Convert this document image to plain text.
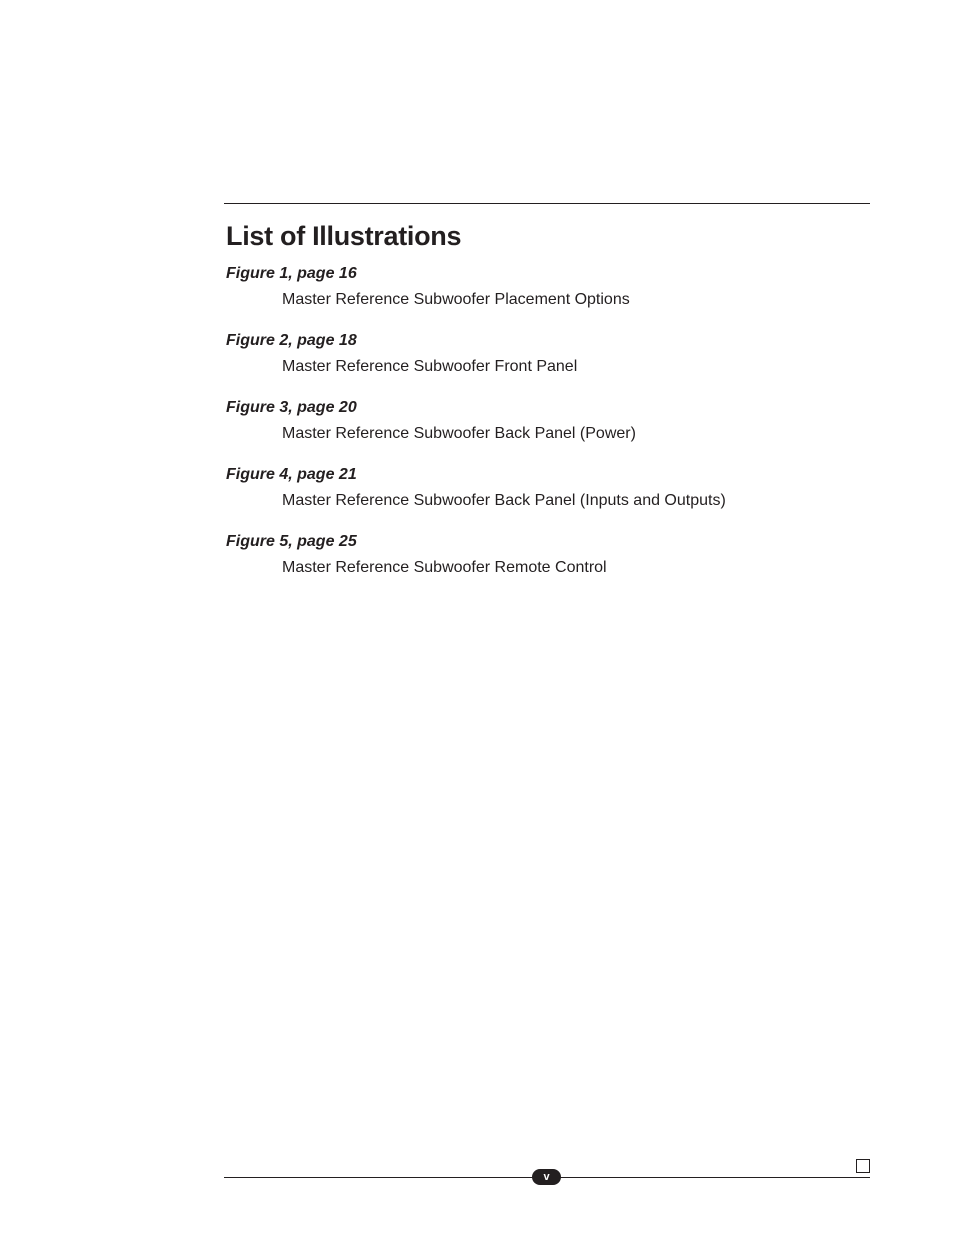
List of Illustrations
Figure 1, page 16
Master Reference Subwoofer Placement Options
Figure 2, page 18
Master Reference Subwoofer Front Panel
Figure 3, page 20
Master Reference Subwoofer Back Panel (Power)
Figure 4, page 21
Master Reference Subwoofer Back Panel (Inputs and Outputs)
Figure 5, page 25
Master Reference Subwoofer Remote Control
v
